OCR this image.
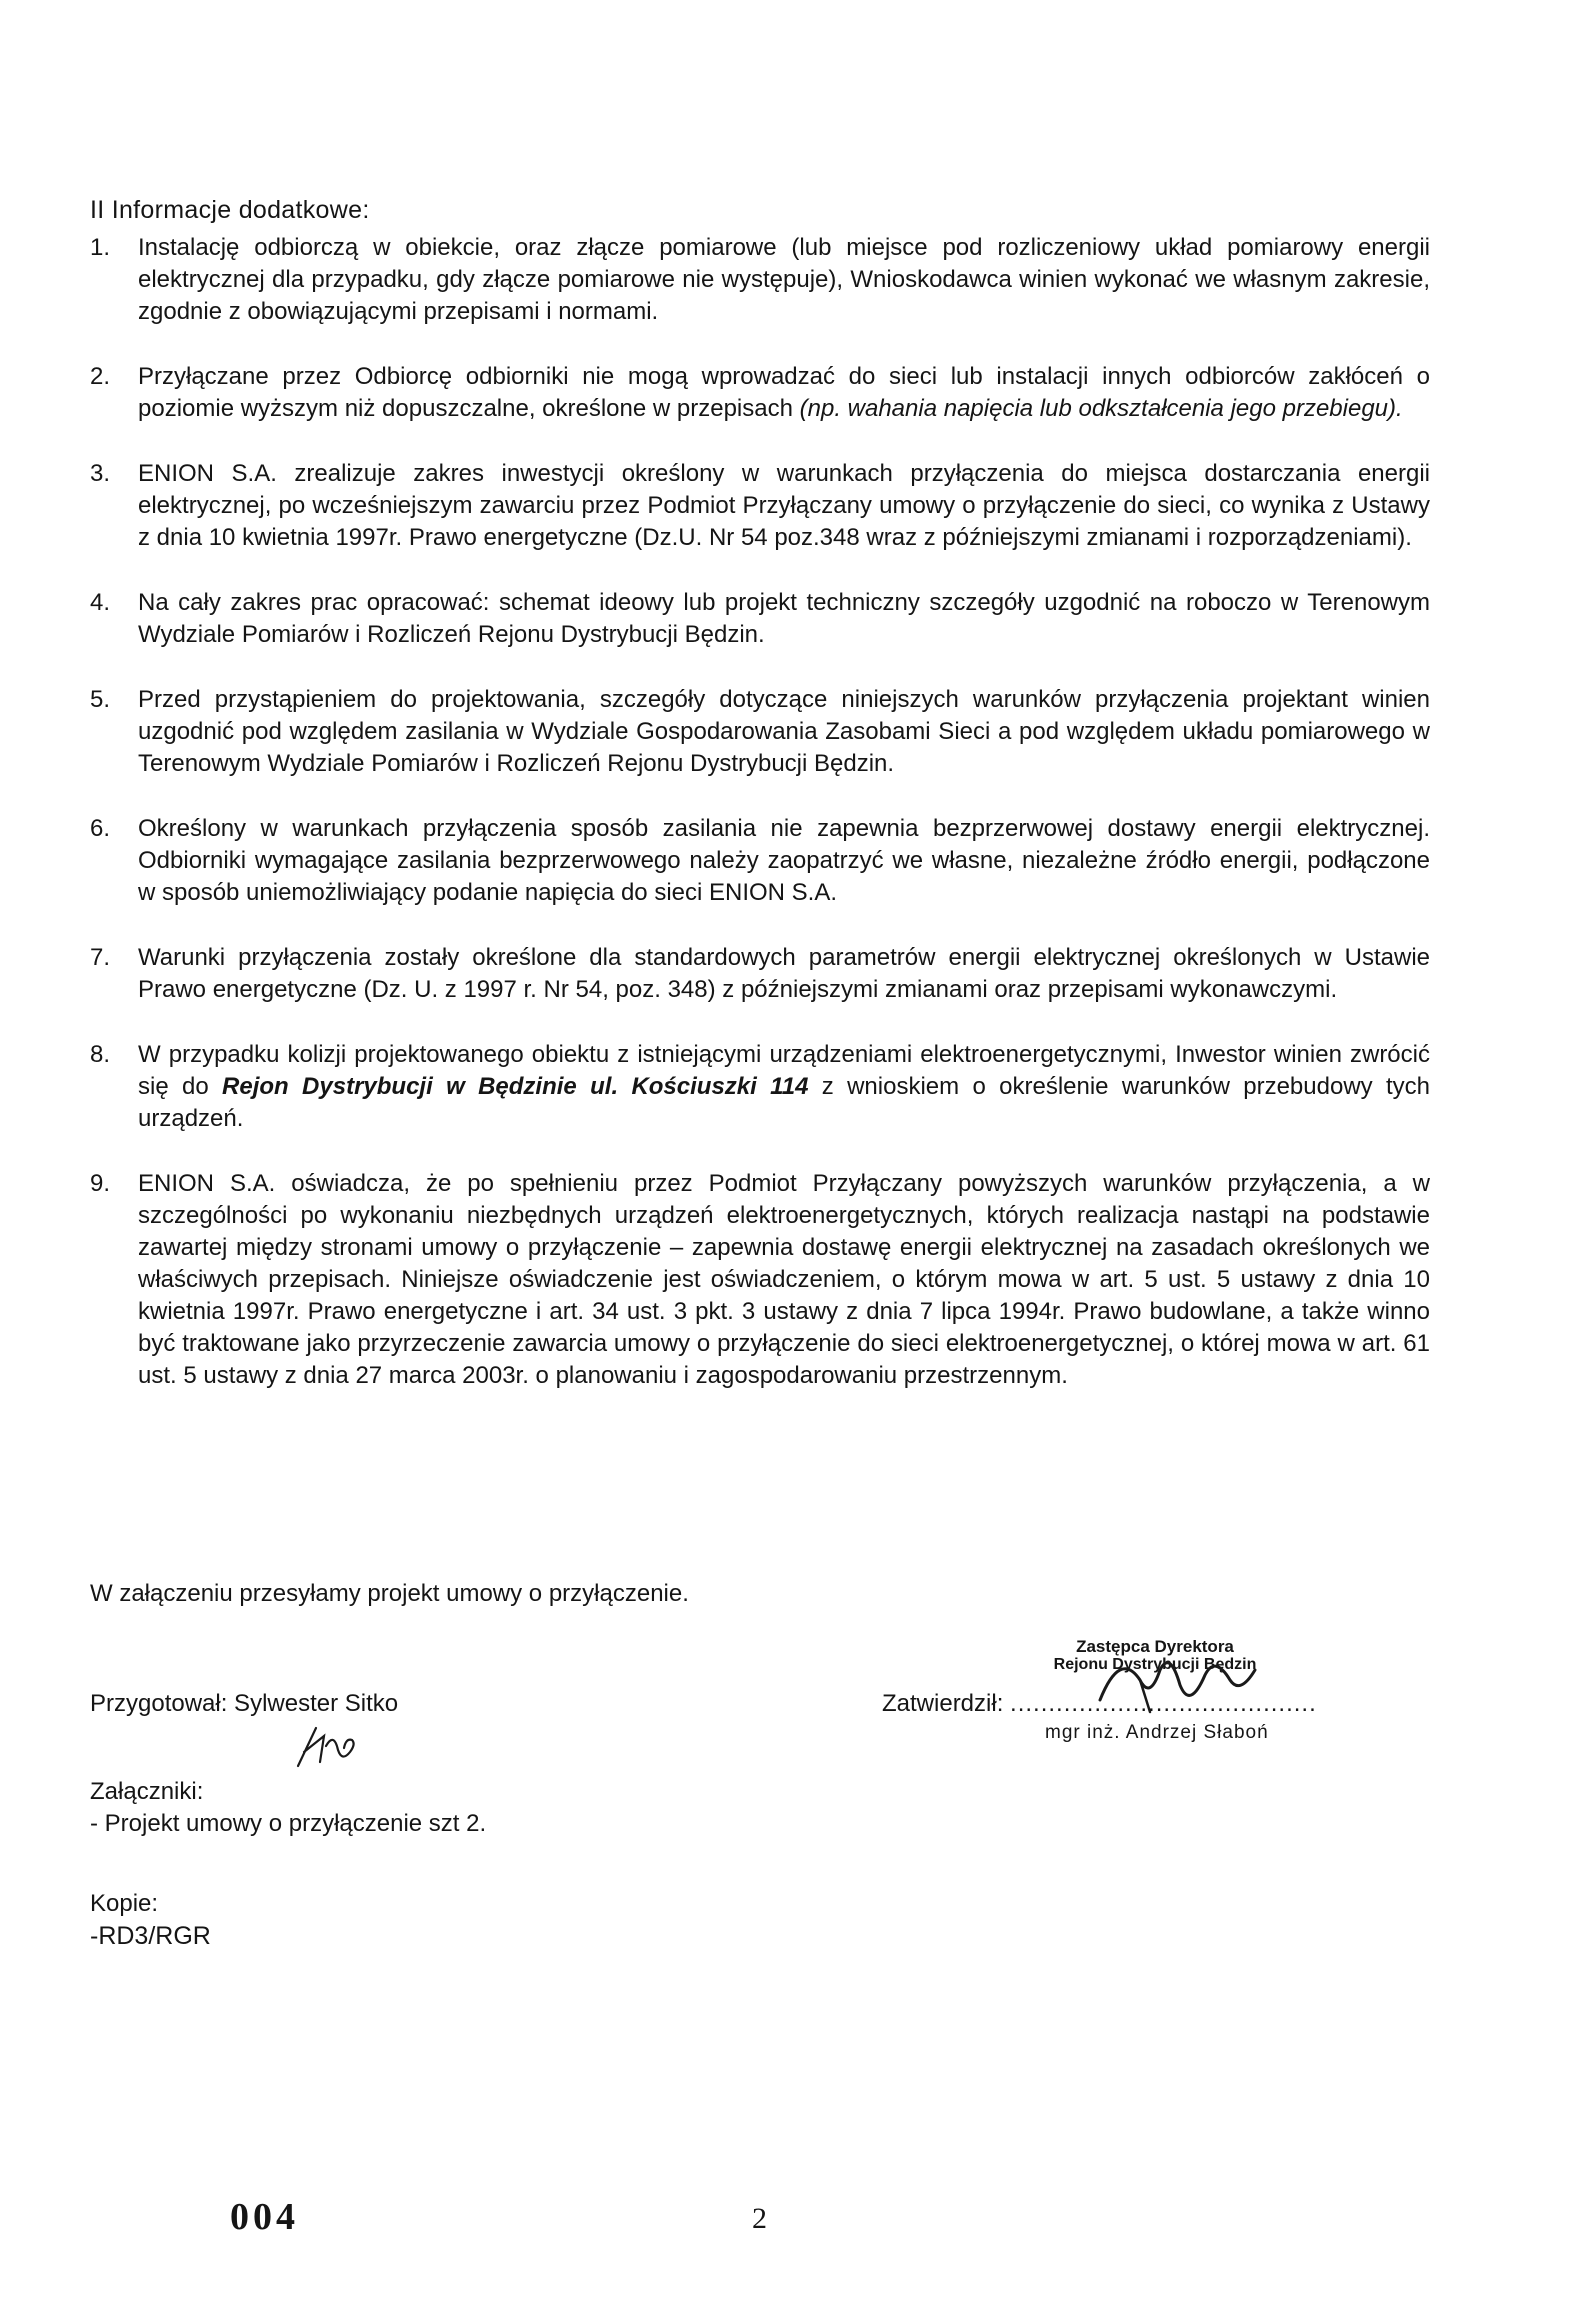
II Informacje dodatkowe:
1. Instalację odbiorczą w obiekcie, oraz złącze pomiarowe (lub miejsce pod rozliczeniowy układ pomiarowy energii elektrycznej dla przypadku, gdy złącze pomiarowe nie występuje), Wnioskodawca winien wykonać we własnym zakresie, zgodnie z obowiązującymi przepisami i normami.
2. Przyłączane przez Odbiorcę odbiorniki nie mogą wprowadzać do sieci lub instalacji innych odbiorców zakłóceń o poziomie wyższym niż dopuszczalne, określone w przepisach (np. wahania napięcia lub odkształcenia jego przebiegu).
3. ENION S.A. zrealizuje zakres inwestycji określony w warunkach przyłączenia do miejsca dostarczania energii elektrycznej, po wcześniejszym zawarciu przez Podmiot Przyłączany umowy o przyłączenie do sieci, co wynika z Ustawy z dnia 10 kwietnia 1997r. Prawo energetyczne (Dz.U. Nr 54 poz.348 wraz z późniejszymi zmianami i rozporządzeniami).
4. Na cały zakres prac opracować: schemat ideowy lub projekt techniczny szczegóły uzgodnić na roboczo w Terenowym Wydziale Pomiarów i Rozliczeń Rejonu Dystrybucji Będzin.
5. Przed przystąpieniem do projektowania, szczegóły dotyczące niniejszych warunków przyłączenia projektant winien uzgodnić pod względem zasilania w Wydziale Gospodarowania Zasobami Sieci a pod względem układu pomiarowego w Terenowym Wydziale Pomiarów i Rozliczeń Rejonu Dystrybucji Będzin.
6. Określony w warunkach przyłączenia sposób zasilania nie zapewnia bezprzerwowej dostawy energii elektrycznej. Odbiorniki wymagające zasilania bezprzerwowego należy zaopatrzyć we własne, niezależne źródło energii, podłączone w sposób uniemożliwiający podanie napięcia do sieci ENION S.A.
7. Warunki przyłączenia zostały określone dla standardowych parametrów energii elektrycznej określonych w Ustawie Prawo energetyczne (Dz. U. z 1997 r. Nr 54, poz. 348) z późniejszymi zmianami oraz przepisami wykonawczymi.
8. W przypadku kolizji projektowanego obiektu z istniejącymi urządzeniami elektroenergetycznymi, Inwestor winien zwrócić się do Rejon Dystrybucji w Będzinie ul. Kościuszki 114 z wnioskiem o określenie warunków przebudowy tych urządzeń.
9. ENION S.A. oświadcza, że po spełnieniu przez Podmiot Przyłączany powyższych warunków przyłączenia, a w szczególności po wykonaniu niezbędnych urządzeń elektroenergetycznych, których realizacja nastąpi na podstawie zawartej między stronami umowy o przyłączenie – zapewnia dostawę energii elektrycznej na zasadach określonych we właściwych przepisach. Niniejsze oświadczenie jest oświadczeniem, o którym mowa w art. 5 ust. 5 ustawy z dnia 10 kwietnia 1997r. Prawo energetyczne i art. 34 ust. 3 pkt. 3 ustawy z dnia 7 lipca 1994r. Prawo budowlane, a także winno być traktowane jako przyrzeczenie zawarcia umowy o przyłączenie do sieci elektroenergetycznej, o której mowa w art. 61 ust. 5 ustawy z dnia 27 marca 2003r. o planowaniu i zagospodarowaniu przestrzennym.
W załączeniu przesyłamy projekt umowy o przyłączenie.
Przygotował: Sylwester Sitko
Zastępca Dyrektora
Rejonu Dystrybucji Będzin
Zatwierdził: ........................................
mgr inż. Andrzej Słaboń
Załączniki:
- Projekt umowy o przyłączenie szt 2.
Kopie:
-RD3/RGR
004	2
